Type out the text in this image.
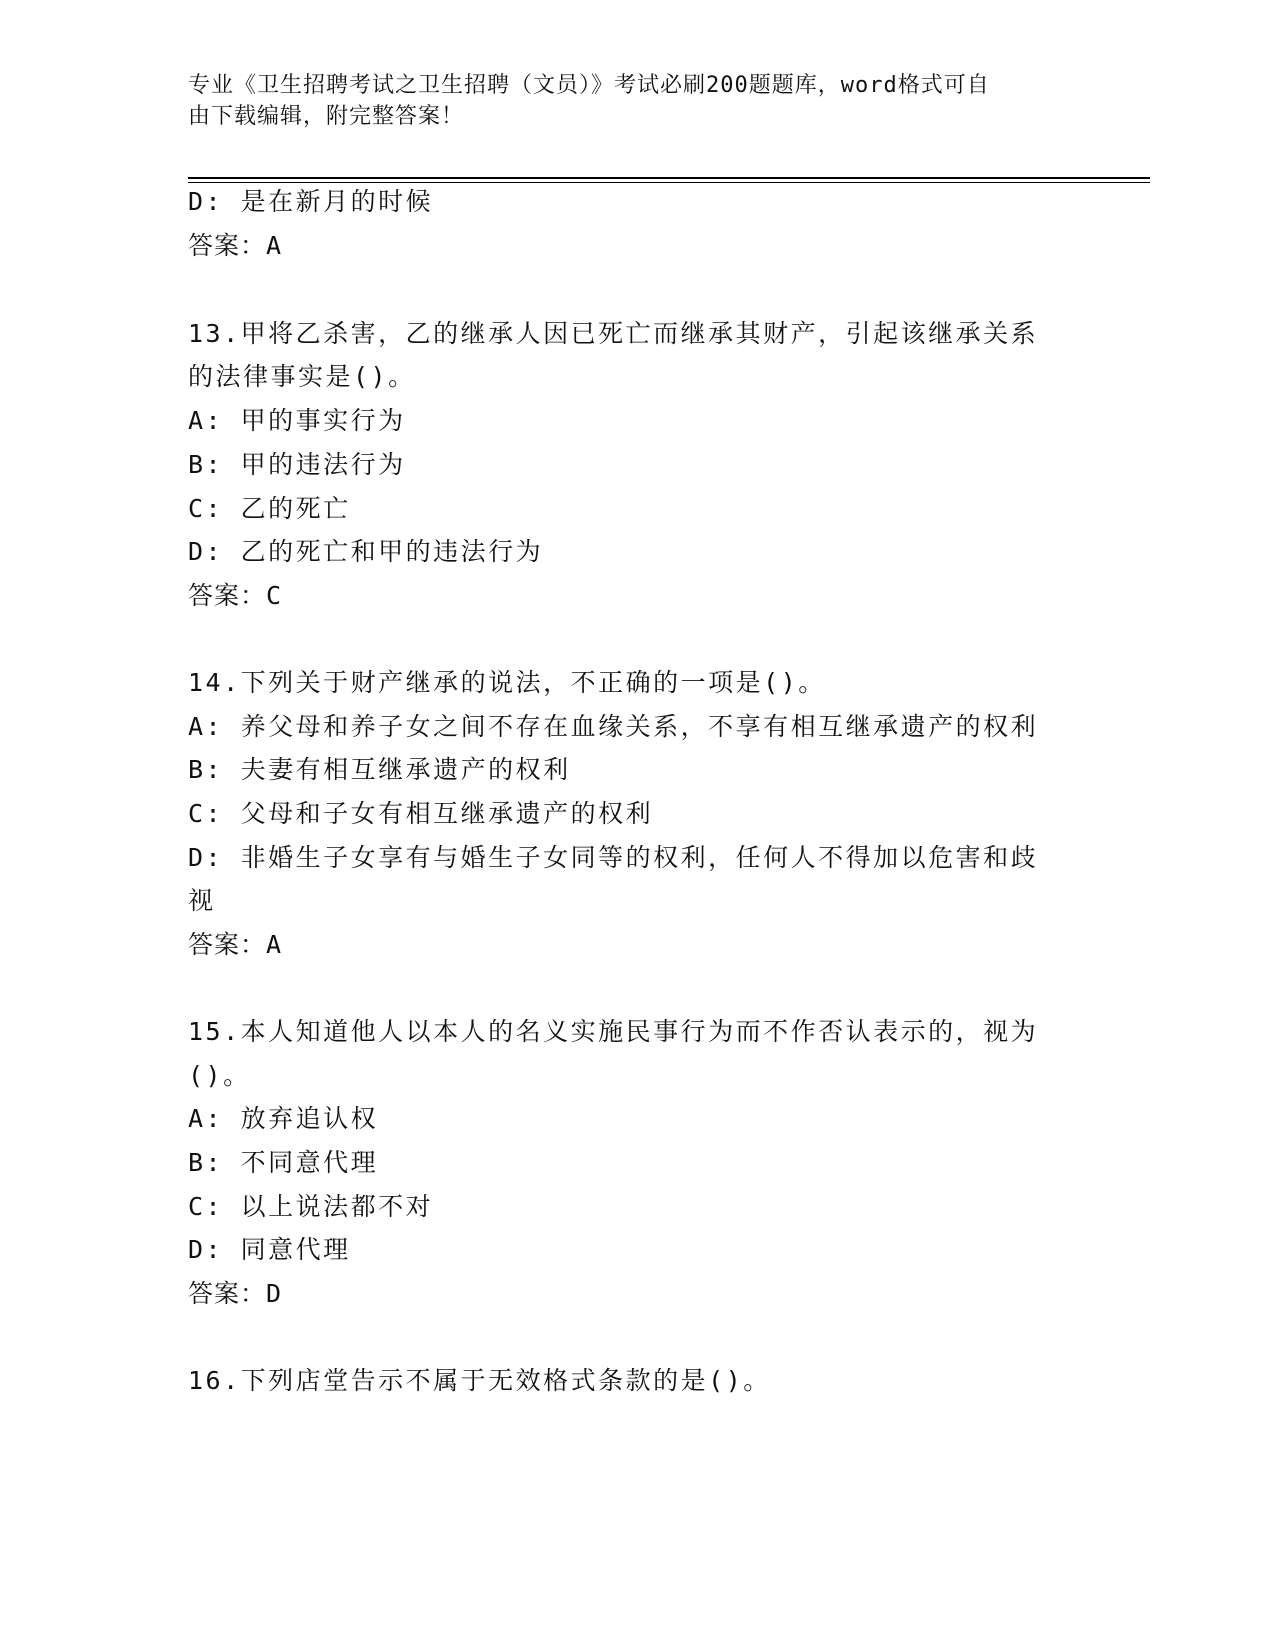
专业《卫生招聘考试之卫生招聘（文员）》考试必刷200题题库，word格式可自
由下载编辑，附完整答案！
D: 是在新月的时候
答案：A
13.甲将乙杀害，乙的继承人因已死亡而继承其财产，引起该继承关系
的法律事实是()。
A: 甲的事实行为
B: 甲的违法行为
C: 乙的死亡
D: 乙的死亡和甲的违法行为
答案：C
14.下列关于财产继承的说法，不正确的一项是()。
A: 养父母和养子女之间不存在血缘关系，不享有相互继承遗产的权利
B: 夫妻有相互继承遗产的权利
C: 父母和子女有相互继承遗产的权利
D: 非婚生子女享有与婚生子女同等的权利，任何人不得加以危害和歧
视
答案：A
15.本人知道他人以本人的名义实施民事行为而不作否认表示的，视为
()。
A: 放弃追认权
B: 不同意代理
C: 以上说法都不对
D: 同意代理
答案：D
16.下列店堂告示不属于无效格式条款的是()。
